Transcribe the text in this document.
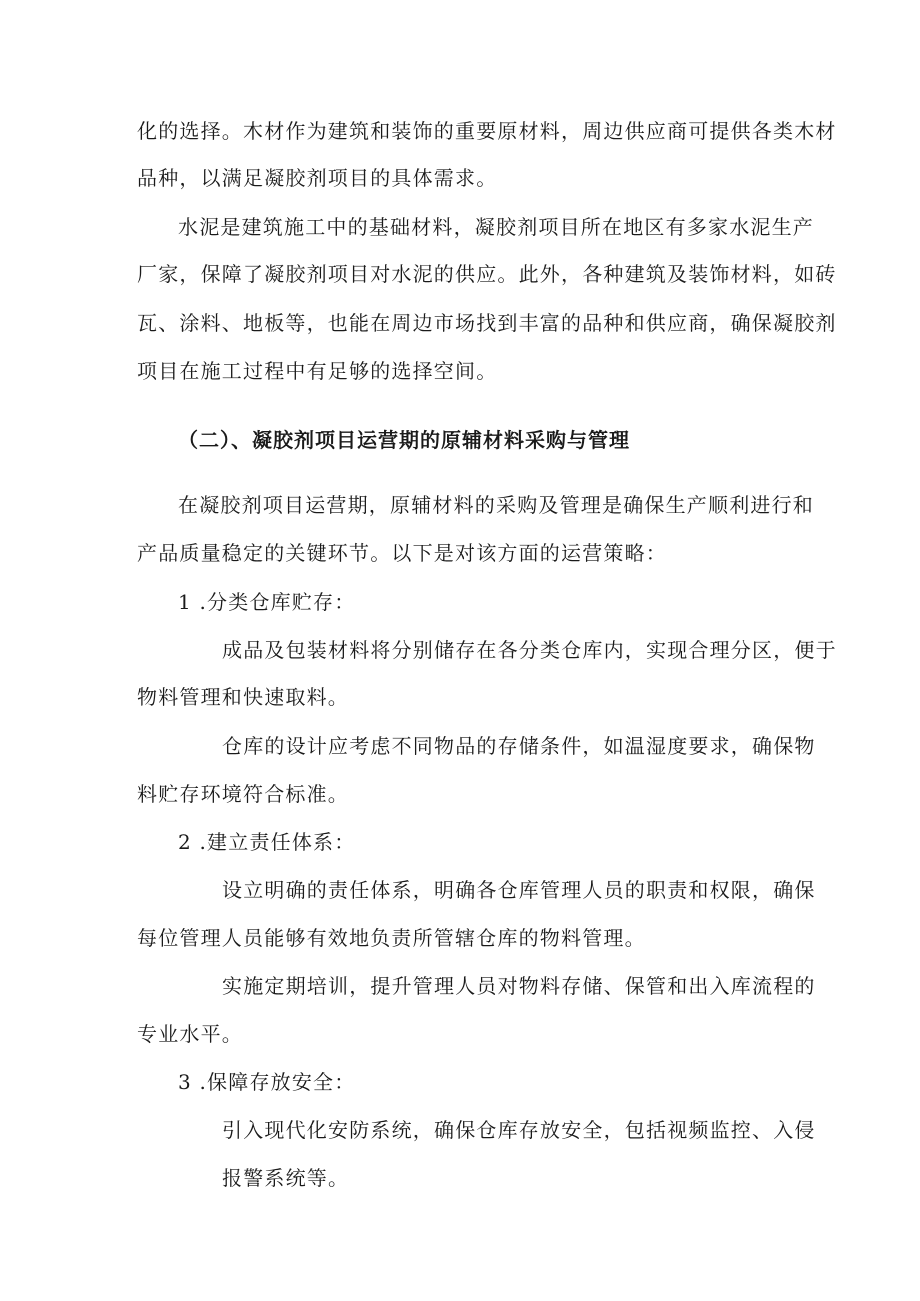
化的选择。木材作为建筑和装饰的重要原材料，周边供应商可提供各类木材
品种，以满足凝胶剂项目的具体需求。
水泥是建筑施工中的基础材料，凝胶剂项目所在地区有多家水泥生产
厂家，保障了凝胶剂项目对水泥的供应。此外，各种建筑及装饰材料，如砖
瓦、涂料、地板等，也能在周边市场找到丰富的品种和供应商，确保凝胶剂
项目在施工过程中有足够的选择空间。
（二）、凝胶剂项目运营期的原辅材料采购与管理
在凝胶剂项目运营期，原辅材料的采购及管理是确保生产顺利进行和
产品质量稳定的关键环节。以下是对该方面的运营策略：
1 .分类仓库贮存：
成品及包装材料将分别储存在各分类仓库内，实现合理分区，便于
物料管理和快速取料。
仓库的设计应考虑不同物品的存储条件，如温湿度要求，确保物
料贮存环境符合标准。
2 .建立责任体系：
设立明确的责任体系，明确各仓库管理人员的职责和权限，确保
每位管理人员能够有效地负责所管辖仓库的物料管理。
实施定期培训，提升管理人员对物料存储、保管和出入库流程的
专业水平。
3 .保障存放安全：
引入现代化安防系统，确保仓库存放安全，包括视频监控、入侵
报警系统等。
